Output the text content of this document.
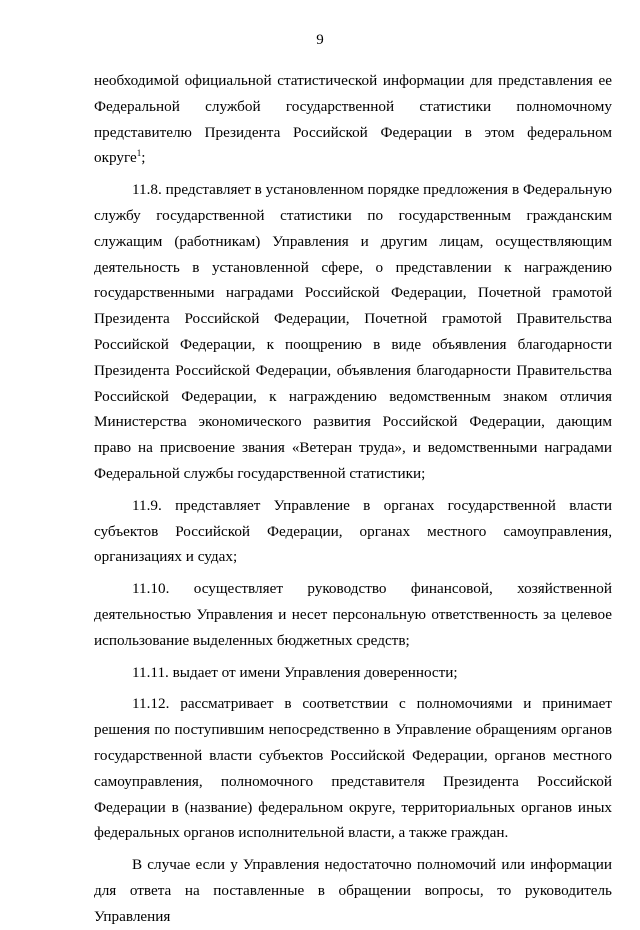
9

необходимой официальной статистической информации для представления ее Федеральной службой государственной статистики полномочному представителю Президента Российской Федерации в этом федеральном округе$^1$;

11.8. представляет в установленном порядке предложения в Федеральную службу государственной статистики по государственным гражданским служащим (работникам) Управления и другим лицам, осуществляющим деятельность в установленной сфере, о представлении к награждению государственными наградами Российской Федерации, Почетной грамотой Президента Российской Федерации, Почетной грамотой Правительства Российской Федерации, к поощрению в виде объявления благодарности Президента Российской Федерации, объявления благодарности Правительства Российской Федерации, к награждению ведомственным знаком отличия Министерства экономического развития Российской Федерации, дающим право на присвоение звания «Ветеран труда», и ведомственными наградами Федеральной службы государственной статистики;

11.9. представляет Управление в органах государственной власти субъектов Российской Федерации, органах местного самоуправления, организациях и судах;

11.10. осуществляет руководство финансовой, хозяйственной деятельностью Управления и несет персональную ответственность за целевое использование выделенных бюджетных средств;

11.11. выдает от имени Управления доверенности;

11.12. рассматривает в соответствии с полномочиями и принимает решения по поступившим непосредственно в Управление обращениям органов государственной власти субъектов Российской Федерации, органов местного самоуправления, полномочного представителя Президента Российской Федерации в (название) федеральном округе, территориальных органов иных федеральных органов исполнительной власти, а также граждан.

В случае если у Управления недостаточно полномочий или информации для ответа на поставленные в обращении вопросы, то руководитель Управления
